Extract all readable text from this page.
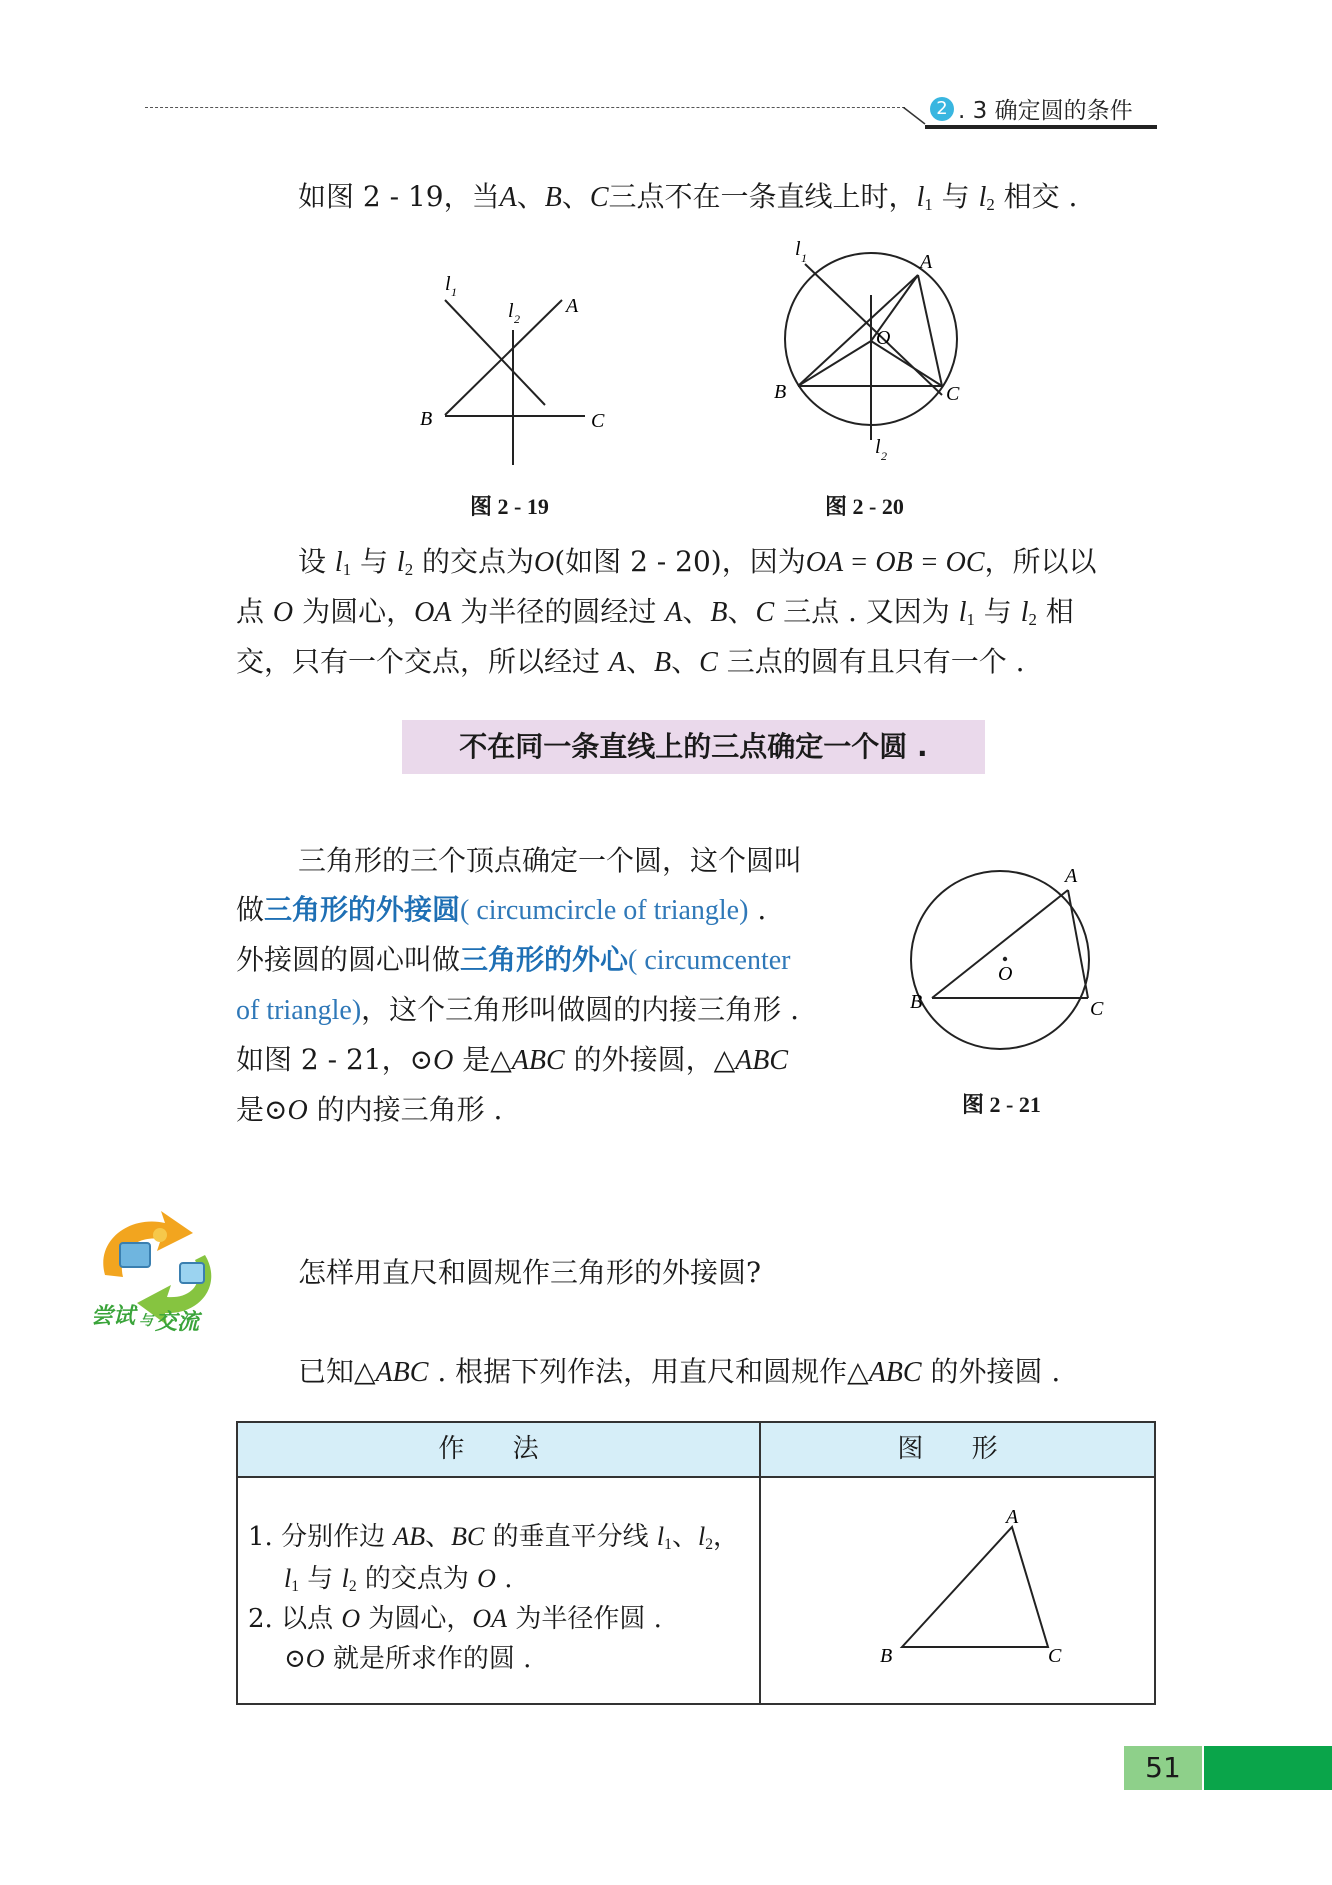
2 . 3 确定圆的条件
如图 2 - 19，当A、B、C三点不在一条直线上时，$l_1$ 与 $l_2$ 相交 .
l 1
l 2
A
B	C
图 2 - 19
l 1	A
O
B	C
l 2
图 2 - 20
设 $l_1$ 与 $l_2$ 的交点为O(如图 2 - 20)，因为OA = OB = OC，所以以
点 O 为圆心，OA 为半径的圆经过 A、B、C 三点 . 又因为 $l_1$ 与 $l_2$ 相
交，只有一个交点，所以经过 A、B、C 三点的圆有且只有一个 .
不在同一条直线上的三点确定一个圆 .
三角形的三个顶点确定一个圆，这个圆叫
做三角形的外接圆( circumcircle of triangle) .
外接圆的圆心叫做三角形的外心( circumcenter
of triangle)，这个三角形叫做圆的内接三角形 .
如图 2 - 21，⊙O 是△ABC 的外接圆，△ABC
是⊙O 的内接三角形 .
O
A
B	C
图 2 - 21
尝试 与 交流
怎样用直尺和圆规作三角形的外接圆?
已知△ABC . 根据下列作法，用直尺和圆规作△ABC 的外接圆 .
作 法	图 形
1. 分别作边 AB、BC 的垂直平分线 $l_1$、$l_2$，
$l_1$ 与 $l_2$ 的交点为 O .
2. 以点 O 为圆心，OA 为半径作圆 .
⊙O 就是所求作的圆 .
A
B	C
51
